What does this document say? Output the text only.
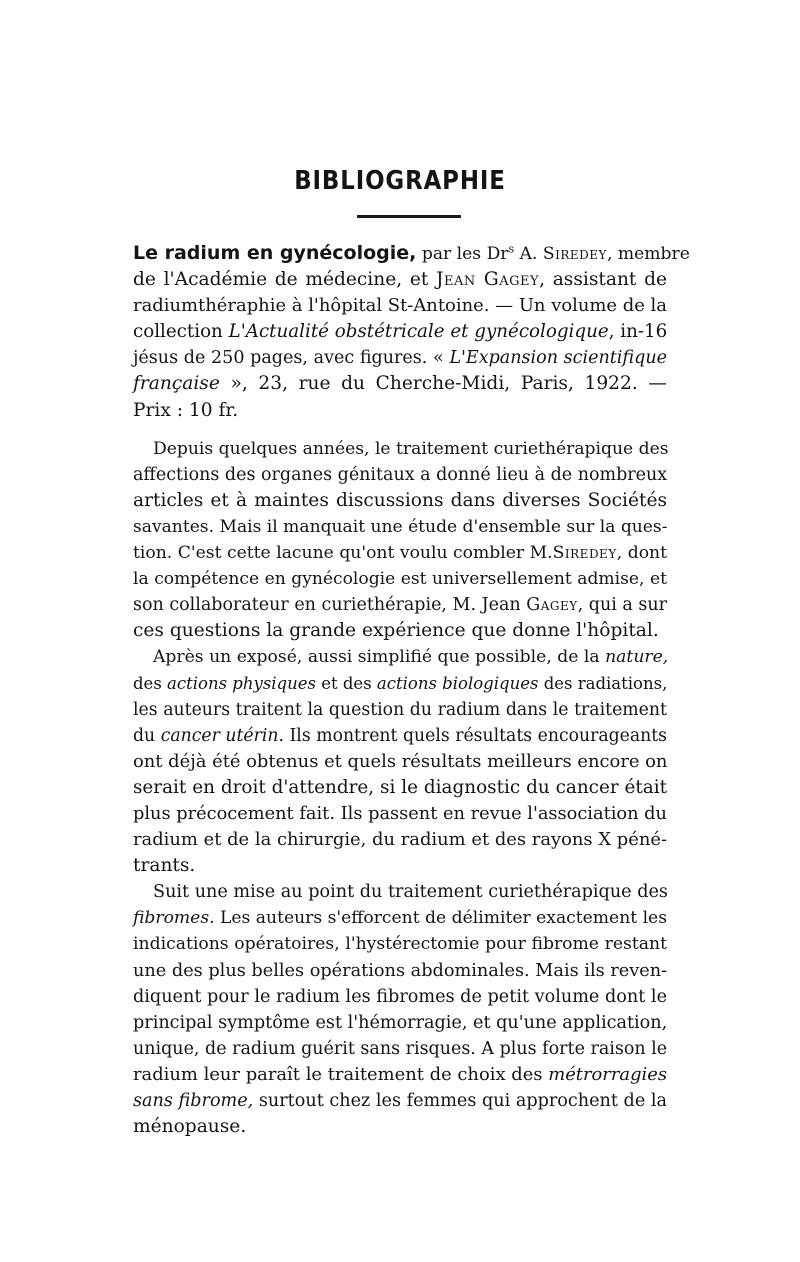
BIBLIOGRAPHIE
Le radium en gynécologie, par les Dr$^s$ A. Siredey, membre
de l'Académie de médecine, et Jean Gagey, assistant de
radiumthéraphie à l'hôpital St-Antoine. — Un volume de la
collection L'Actualité obstétricale et gynécologique, in-16
jésus de 250 pages, avec figures. « L'Expansion scientifique
française », 23, rue du Cherche-Midi, Paris, 1922. —
Prix : 10 fr.
Depuis quelques années, le traitement curiethérapique des
affections des organes génitaux a donné lieu à de nombreux
articles et à maintes discussions dans diverses Sociétés
savantes. Mais il manquait une étude d'ensemble sur la ques-
tion. C'est cette lacune qu'ont voulu combler M.Siredey, dont
la compétence en gynécologie est universellement admise, et
son collaborateur en curiethérapie, M. Jean Gagey, qui a sur
ces questions la grande expérience que donne l'hôpital.
Après un exposé, aussi simplifié que possible, de la nature,
des actions physiques et des actions biologiques des radiations,
les auteurs traitent la question du radium dans le traitement
du cancer utérin. Ils montrent quels résultats encourageants
ont déjà été obtenus et quels résultats meilleurs encore on
serait en droit d'attendre, si le diagnostic du cancer était
plus précocement fait. Ils passent en revue l'association du
radium et de la chirurgie, du radium et des rayons X péné-
trants.
Suit une mise au point du traitement curiethérapique des
fibromes. Les auteurs s'efforcent de délimiter exactement les
indications opératoires, l'hystérectomie pour fibrome restant
une des plus belles opérations abdominales. Mais ils reven-
diquent pour le radium les fibromes de petit volume dont le
principal symptôme est l'hémorragie, et qu'une application,
unique, de radium guérit sans risques. A plus forte raison le
radium leur paraît le traitement de choix des métrorragies
sans fibrome, surtout chez les femmes qui approchent de la
ménopause.
